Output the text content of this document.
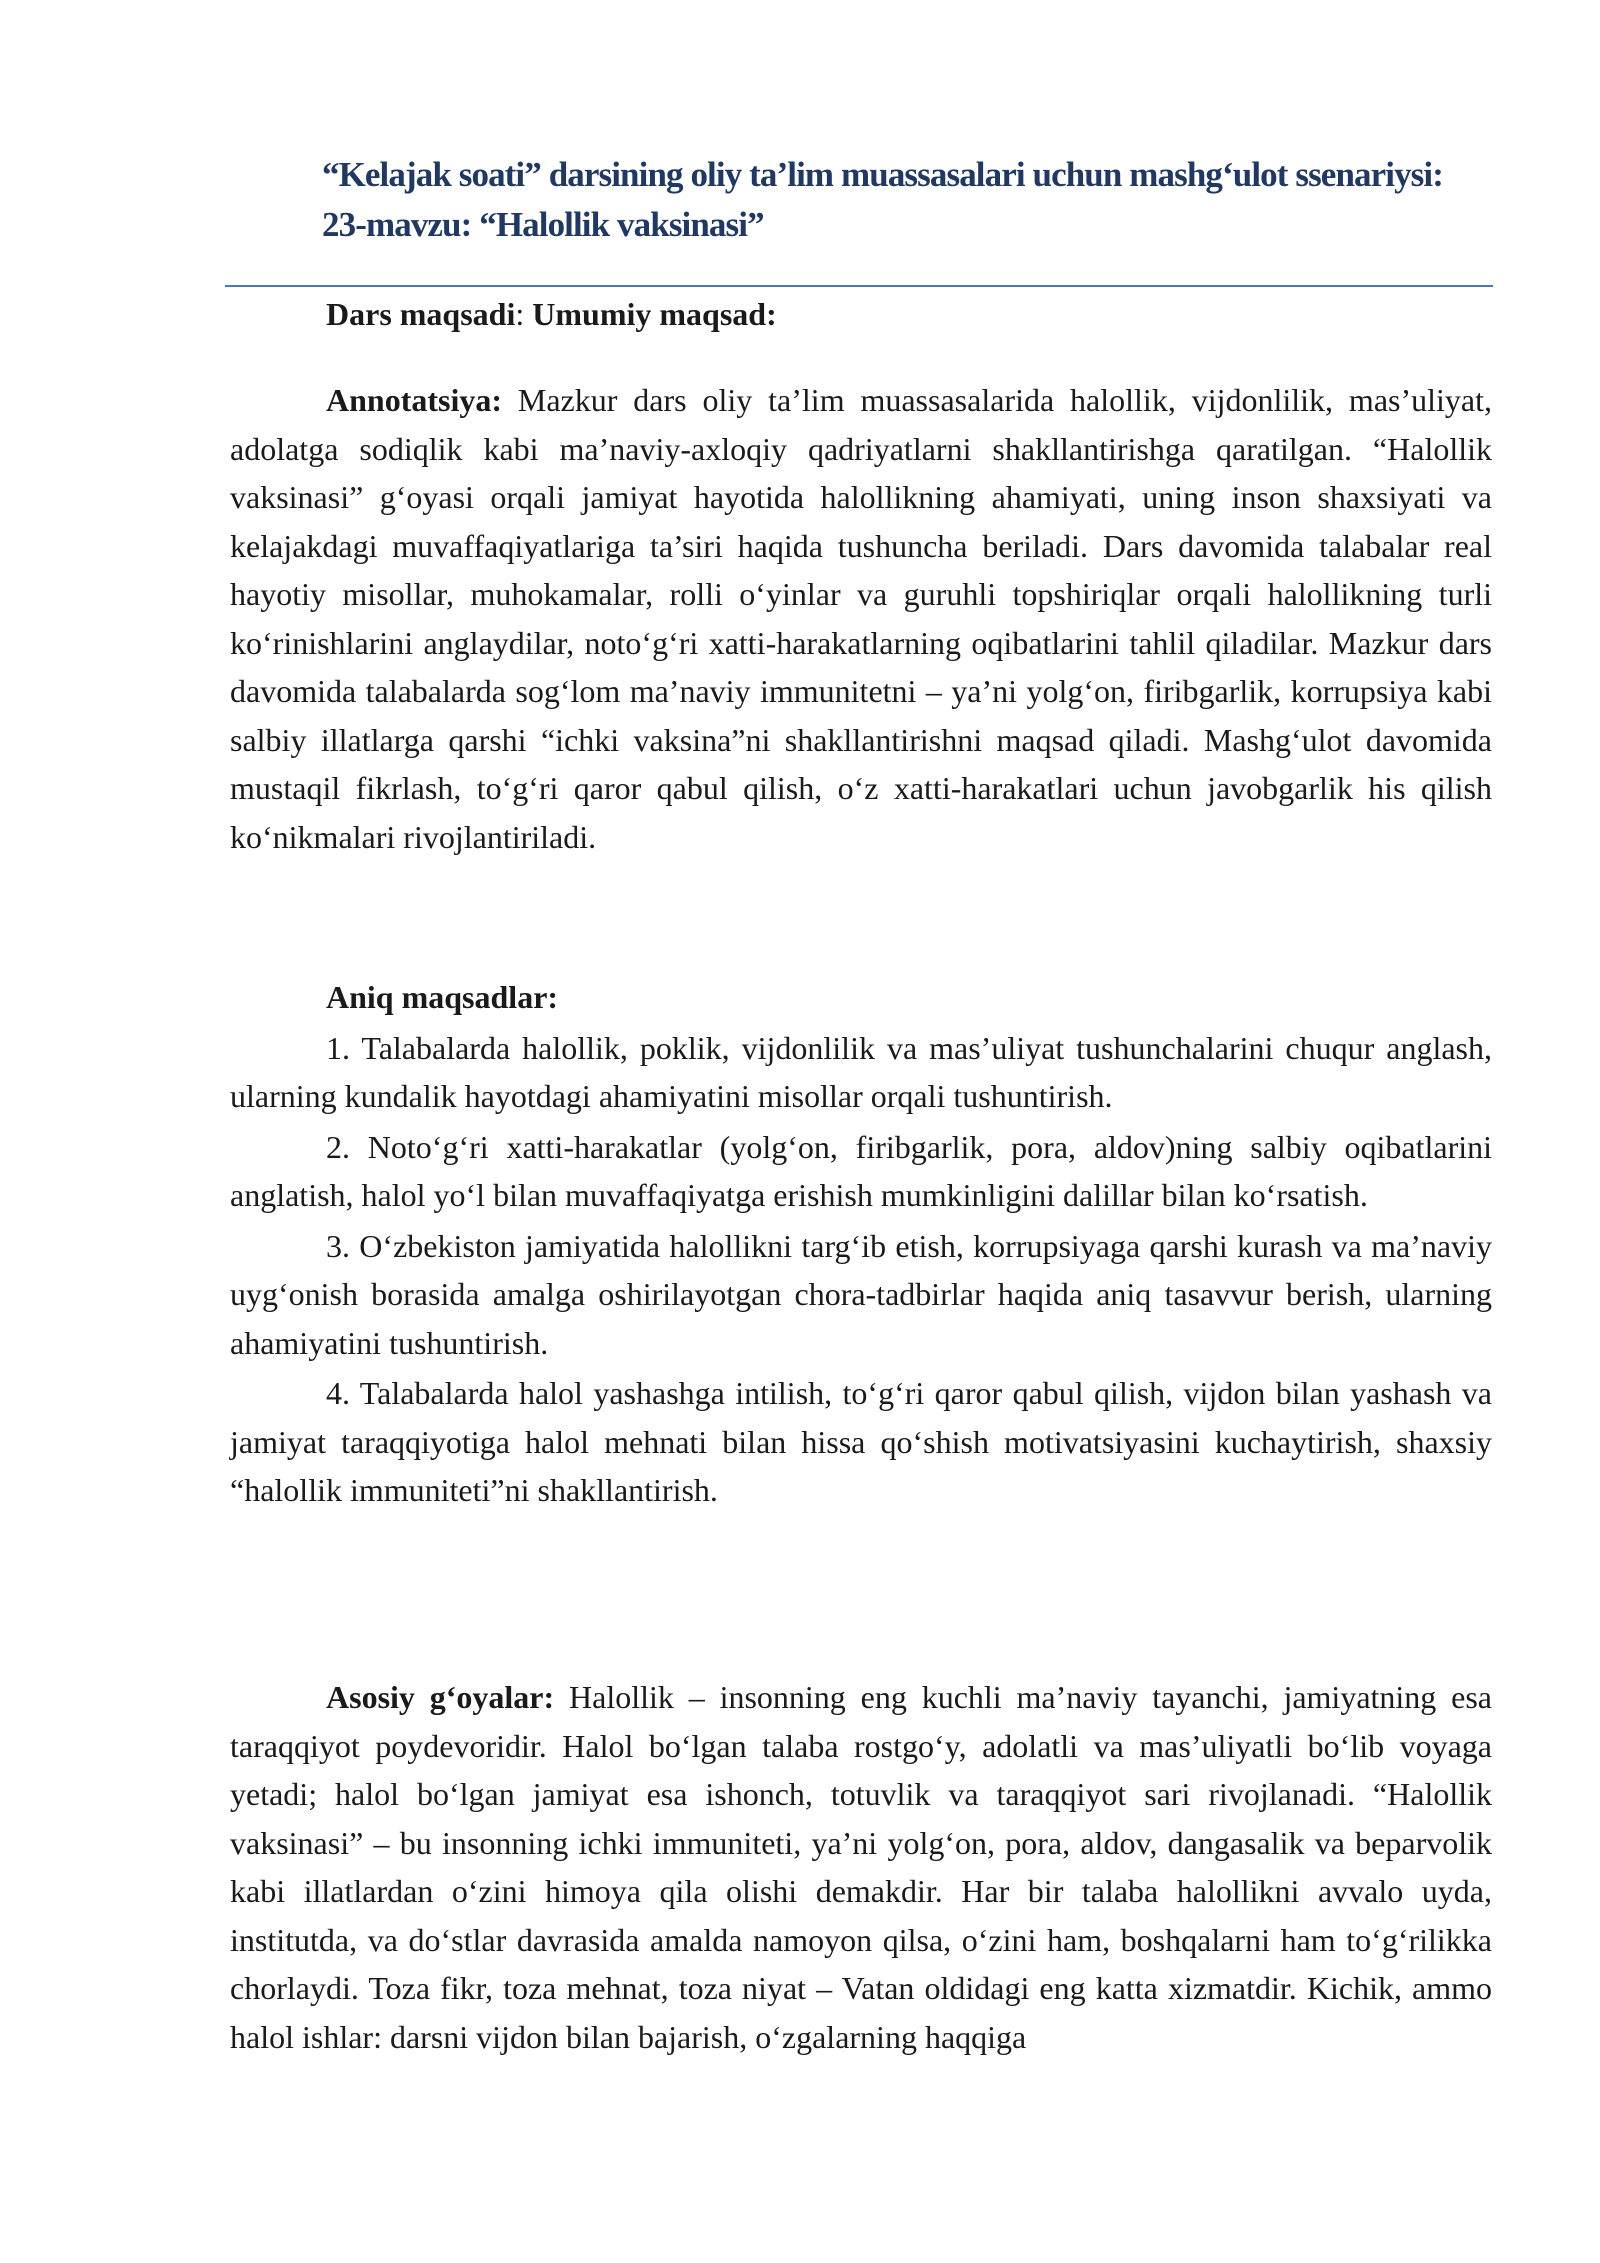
“Kelajak soati” darsining oliy ta’lim muassasalari uchun mashg‘ulot ssenariysi:
23-mavzu: “Halollik vaksinasi”
Dars maqsadi: Umumiy maqsad:

Annotatsiya: Mazkur dars oliy ta’lim muassasalarida halollik, vijdonlilik, mas’uliyat, adolatga sodiqlik kabi ma’naviy-axloqiy qadriyatlarni shakllantirishga qaratilgan. “Halollik vaksinasi” g‘oyasi orqali jamiyat hayotida halollikning ahamiyati, uning inson shaxsiyati va kelajakdagi muvaffaqiyatlariga ta’siri haqida tushuncha beriladi. Dars davomida talabalar real hayotiy misollar, muhokamalar, rolli o‘yinlar va guruhli topshiriqlar orqali halollikning turli ko‘rinishlarini anglaydilar, noto‘g‘ri xatti-harakatlarning oqibatlarini tahlil qiladilar. Mazkur dars davomida talabalarda sog‘lom ma’naviy immunitetni – ya’ni yolg‘on, firibgarlik, korrupsiya kabi salbiy illatlarga qarshi “ichki vaksina”ni shakllantirishni maqsad qiladi. Mashg‘ulot davomida mustaqil fikrlash, to‘g‘ri qaror qabul qilish, o‘z xatti-harakatlari uchun javobgarlik his qilish ko‘nikmalari rivojlantiriladi.

Aniq maqsadlar:

1. Talabalarda halollik, poklik, vijdonlilik va mas’uliyat tushunchalarini chuqur anglash, ularning kundalik hayotdagi ahamiyatini misollar orqali tushuntirish.

2. Noto‘g‘ri xatti-harakatlar (yolg‘on, firibgarlik, pora, aldov)ning salbiy oqibatlarini anglatish, halol yo‘l bilan muvaffaqiyatga erishish mumkinligini dalillar bilan ko‘rsatish.

3. O‘zbekiston jamiyatida halollikni targ‘ib etish, korrupsiyaga qarshi kurash va ma’naviy uyg‘onish borasida amalga oshirilayotgan chora-tadbirlar haqida aniq tasavvur berish, ularning ahamiyatini tushuntirish.

4. Talabalarda halol yashashga intilish, to‘g‘ri qaror qabul qilish, vijdon bilan yashash va jamiyat taraqqiyotiga halol mehnati bilan hissa qo‘shish motivatsiyasini kuchaytirish, shaxsiy “halollik immuniteti”ni shakllantirish.

Asosiy g‘oyalar: Halollik – insonning eng kuchli ma’naviy tayanchi, jamiyatning esa taraqqiyot poydevoridir. Halol bo‘lgan talaba rostgo‘y, adolatli va mas’uliyatli bo‘lib voyaga yetadi; halol bo‘lgan jamiyat esa ishonch, totuvlik va taraqqiyot sari rivojlanadi. “Halollik vaksinasi” – bu insonning ichki immuniteti, ya’ni yolg‘on, pora, aldov, dangasalik va beparvolik kabi illatlardan o‘zini himoya qila olishi demakdir. Har bir talaba halollikni avvalo uyda, institutda, va do‘stlar davrasida amalda namoyon qilsa, o‘zini ham, boshqalarni ham to‘g‘rilikka chorlaydi. Toza fikr, toza mehnat, toza niyat – Vatan oldidagi eng katta xizmatdir. Kichik, ammo halol ishlar: darsni vijdon bilan bajarish, o‘zgalarning haqqiga
